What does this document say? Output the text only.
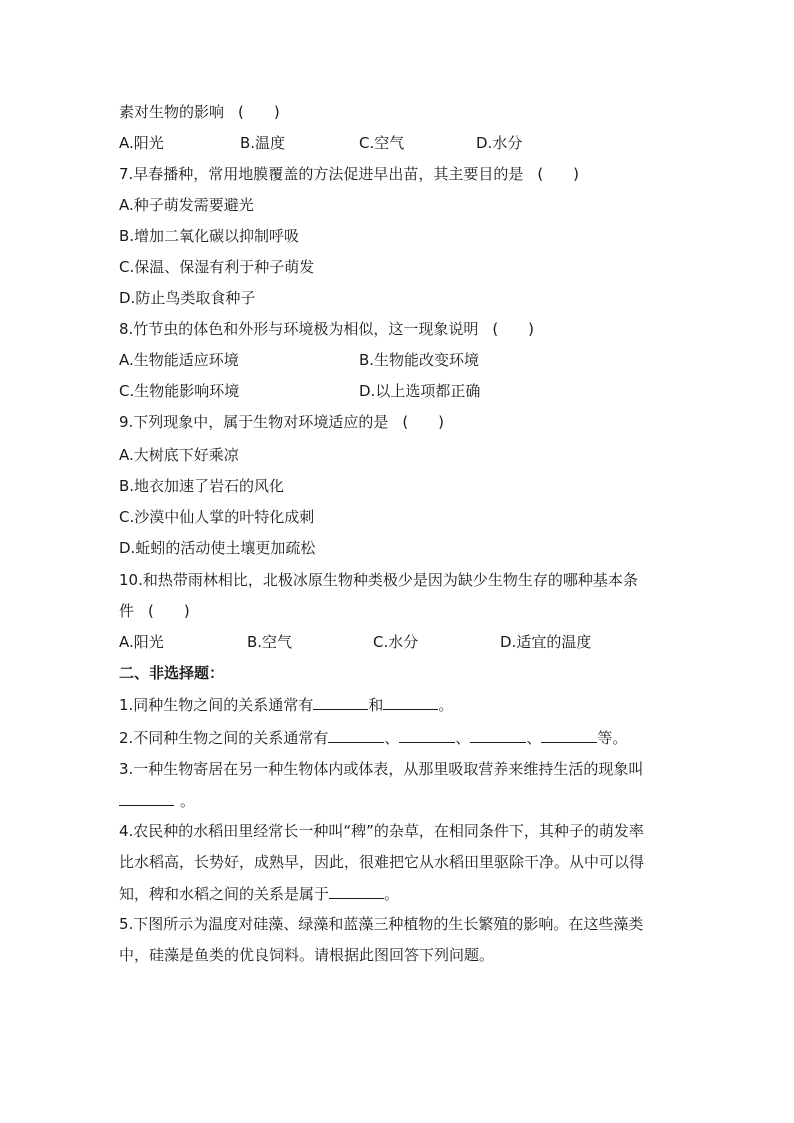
素对生物的影响 (　　)
A.阳光	B.温度	C.空气	D.水分
7.早春播种，常用地膜覆盖的方法促进早出苗，其主要目的是 (　　)
A.种子萌发需要避光
B.增加二氧化碳以抑制呼吸
C.保温、保湿有利于种子萌发
D.防止鸟类取食种子
8.竹节虫的体色和外形与环境极为相似，这一现象说明 (　　)
A.生物能适应环境	B.生物能改变环境
C.生物能影响环境	D.以上选项都正确
9.下列现象中，属于生物对环境适应的是 (　　)
A.大树底下好乘凉
B.地衣加速了岩石的风化
C.沙漠中仙人掌的叶特化成刺
D.蚯蚓的活动使土壤更加疏松
10.和热带雨林相比，北极冰原生物种类极少是因为缺少生物生存的哪种基本条
件 (　　)
A.阳光	B.空气	C.水分	D.适宜的温度
二、非选择题：
1.同种生物之间的关系通常有	和	。
2.不同种生物之间的关系通常有	、	、	、	等。
3.一种生物寄居在另一种生物体内或体表，从那里吸取营养来维持生活的现象叫
。
4.农民种的水稻田里经常长一种叫“稗”的杂草，在相同条件下，其种子的萌发率
比水稻高，长势好，成熟早，因此，很难把它从水稻田里驱除干净。从中可以得
知，稗和水稻之间的关系是属于	。
5.下图所示为温度对硅藻、绿藻和蓝藻三种植物的生长繁殖的影响。在这些藻类
中，硅藻是鱼类的优良饲料。请根据此图回答下列问题。
